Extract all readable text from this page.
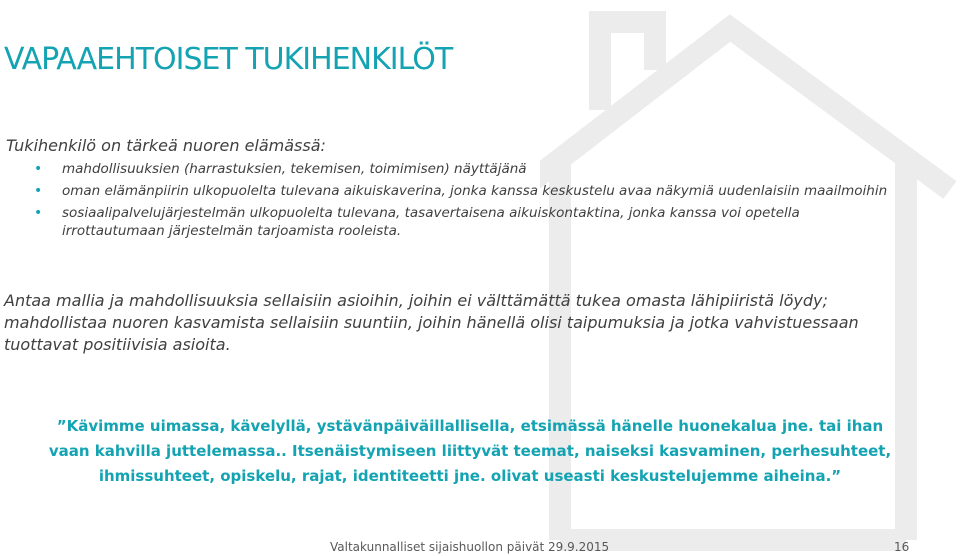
VAPAAEHTOISET TUKIHENKILÖT
Tukihenkilö on tärkeä nuoren elämässä:
• mahdollisuuksien (harrastuksien, tekemisen, toimimisen) näyttäjänä
• oman elämänpiirin ulkopuolelta tulevana aikuiskaverina, jonka kanssa keskustelu avaa näkymiä uudenlaisiin maailmoihin
• sosiaalipalvelujärjestelmän ulkopuolelta tulevana, tasavertaisena aikuiskontaktina, jonka kanssa voi opetella irrottautumaan järjestelmän tarjoamista rooleista.
Antaa mallia ja mahdollisuuksia sellaisiin asioihin, joihin ei välttämättä tukea omasta lähipiiristä löydy; mahdollistaa nuoren kasvamista sellaisiin suuntiin, joihin hänellä olisi taipumuksia ja jotka vahvistuessaan tuottavat positiivisia asioita.
”Kävimme uimassa, kävelyllä, ystävänpäiväillallisella, etsimässä hänelle huonekalua jne. tai ihan vaan kahvilla juttelemassa.. Itsenäistymiseen liittyvät teemat, naiseksi kasvaminen, perhesuhteet, ihmissuhteet, opiskelu, rajat, identiteetti jne. olivat useasti keskustelujemme aiheina.”
Valtakunnalliset sijaishuollon päivät 29.9.2015	16
